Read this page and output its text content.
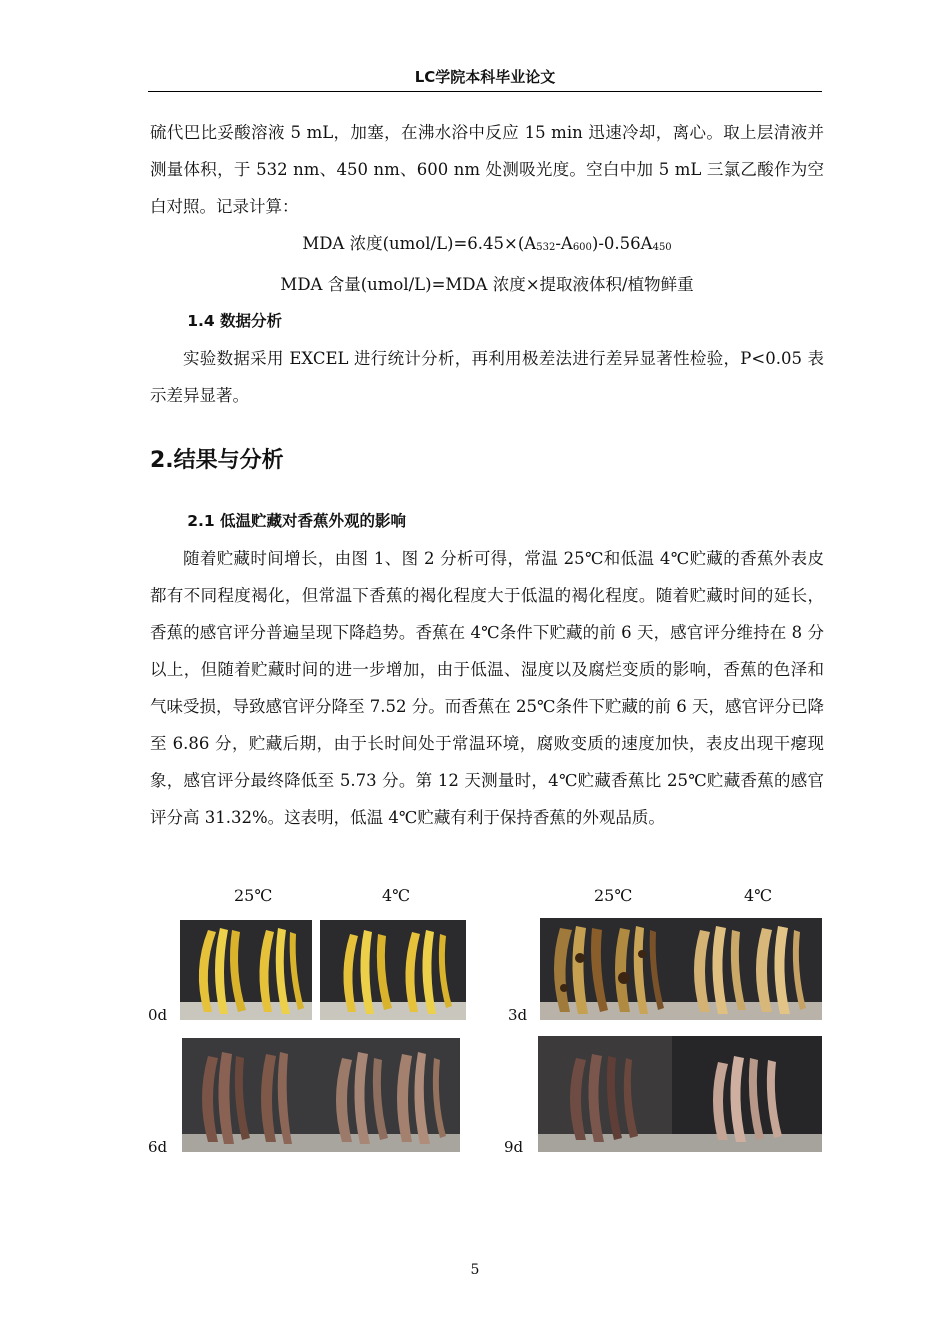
LC学院本科毕业论文

硫代巴比妥酸溶液 5 mL，加塞，在沸水浴中反应 15 min 迅速冷却，离心。取上层清液并测量体积，于 532 nm、450 nm、600 nm 处测吸光度。空白中加 5 mL 三氯乙酸作为空白对照。记录计算：

MDA 浓度(umol/L)=6.45×(A532-A600)-0.56A450

MDA 含量(umol/L)=MDA 浓度×提取液体积/植物鲜重

1.4 数据分析

实验数据采用 EXCEL 进行统计分析，再利用极差法进行差异显著性检验，P<0.05 表示差异显著。

2.结果与分析

2.1 低温贮藏对香蕉外观的影响

随着贮藏时间增长，由图 1、图 2 分析可得，常温 25℃和低温 4℃贮藏的香蕉外表皮都有不同程度褐化，但常温下香蕉的褐化程度大于低温的褐化程度。随着贮藏时间的延长，香蕉的感官评分普遍呈现下降趋势。香蕉在 4℃条件下贮藏的前 6 天，感官评分维持在 8 分以上，但随着贮藏时间的进一步增加，由于低温、湿度以及腐烂变质的影响，香蕉的色泽和气味受损，导致感官评分降至 7.52 分。而香蕉在 25℃条件下贮藏的前 6 天，感官评分已降至 6.86 分，贮藏后期，由于长时间处于常温环境，腐败变质的速度加快，表皮出现干瘪现象，感官评分最终降低至 5.73 分。第 12 天测量时，4℃贮藏香蕉比 25℃贮藏香蕉的感官评分高 31.32%。这表明，低温 4℃贮藏有利于保持香蕉的外观品质。

25℃	4℃	25℃	4℃
0d	3d
6d	9d
5
